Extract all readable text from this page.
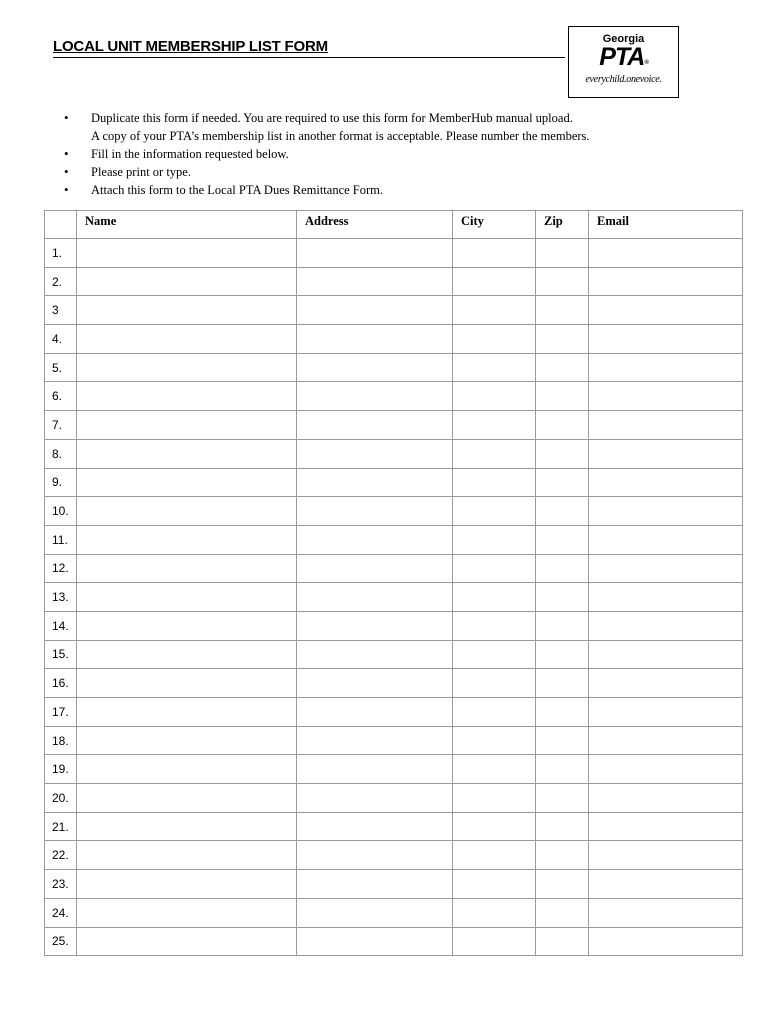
LOCAL UNIT MEMBERSHIP LIST FORM	Georgia
PTA®
everychild.onevoice.
• Duplicate this form if needed. You are required to use this form for MemberHub manual upload.
A copy of your PTA’s membership list in another format is acceptable. Please number the members.
• Fill in the information requested below.
• Please print or type.
• Attach this form to the Local PTA Dues Remittance Form.
	Name	Address	City	Zip	Email
1.					
2.					
3					
4.					
5.					
6.					
7.					
8.					
9.					
10.					
11.					
12.					
13.					
14.					
15.					
16.					
17.					
18.					
19.					
20.					
21.					
22.					
23.					
24.					
25.					
